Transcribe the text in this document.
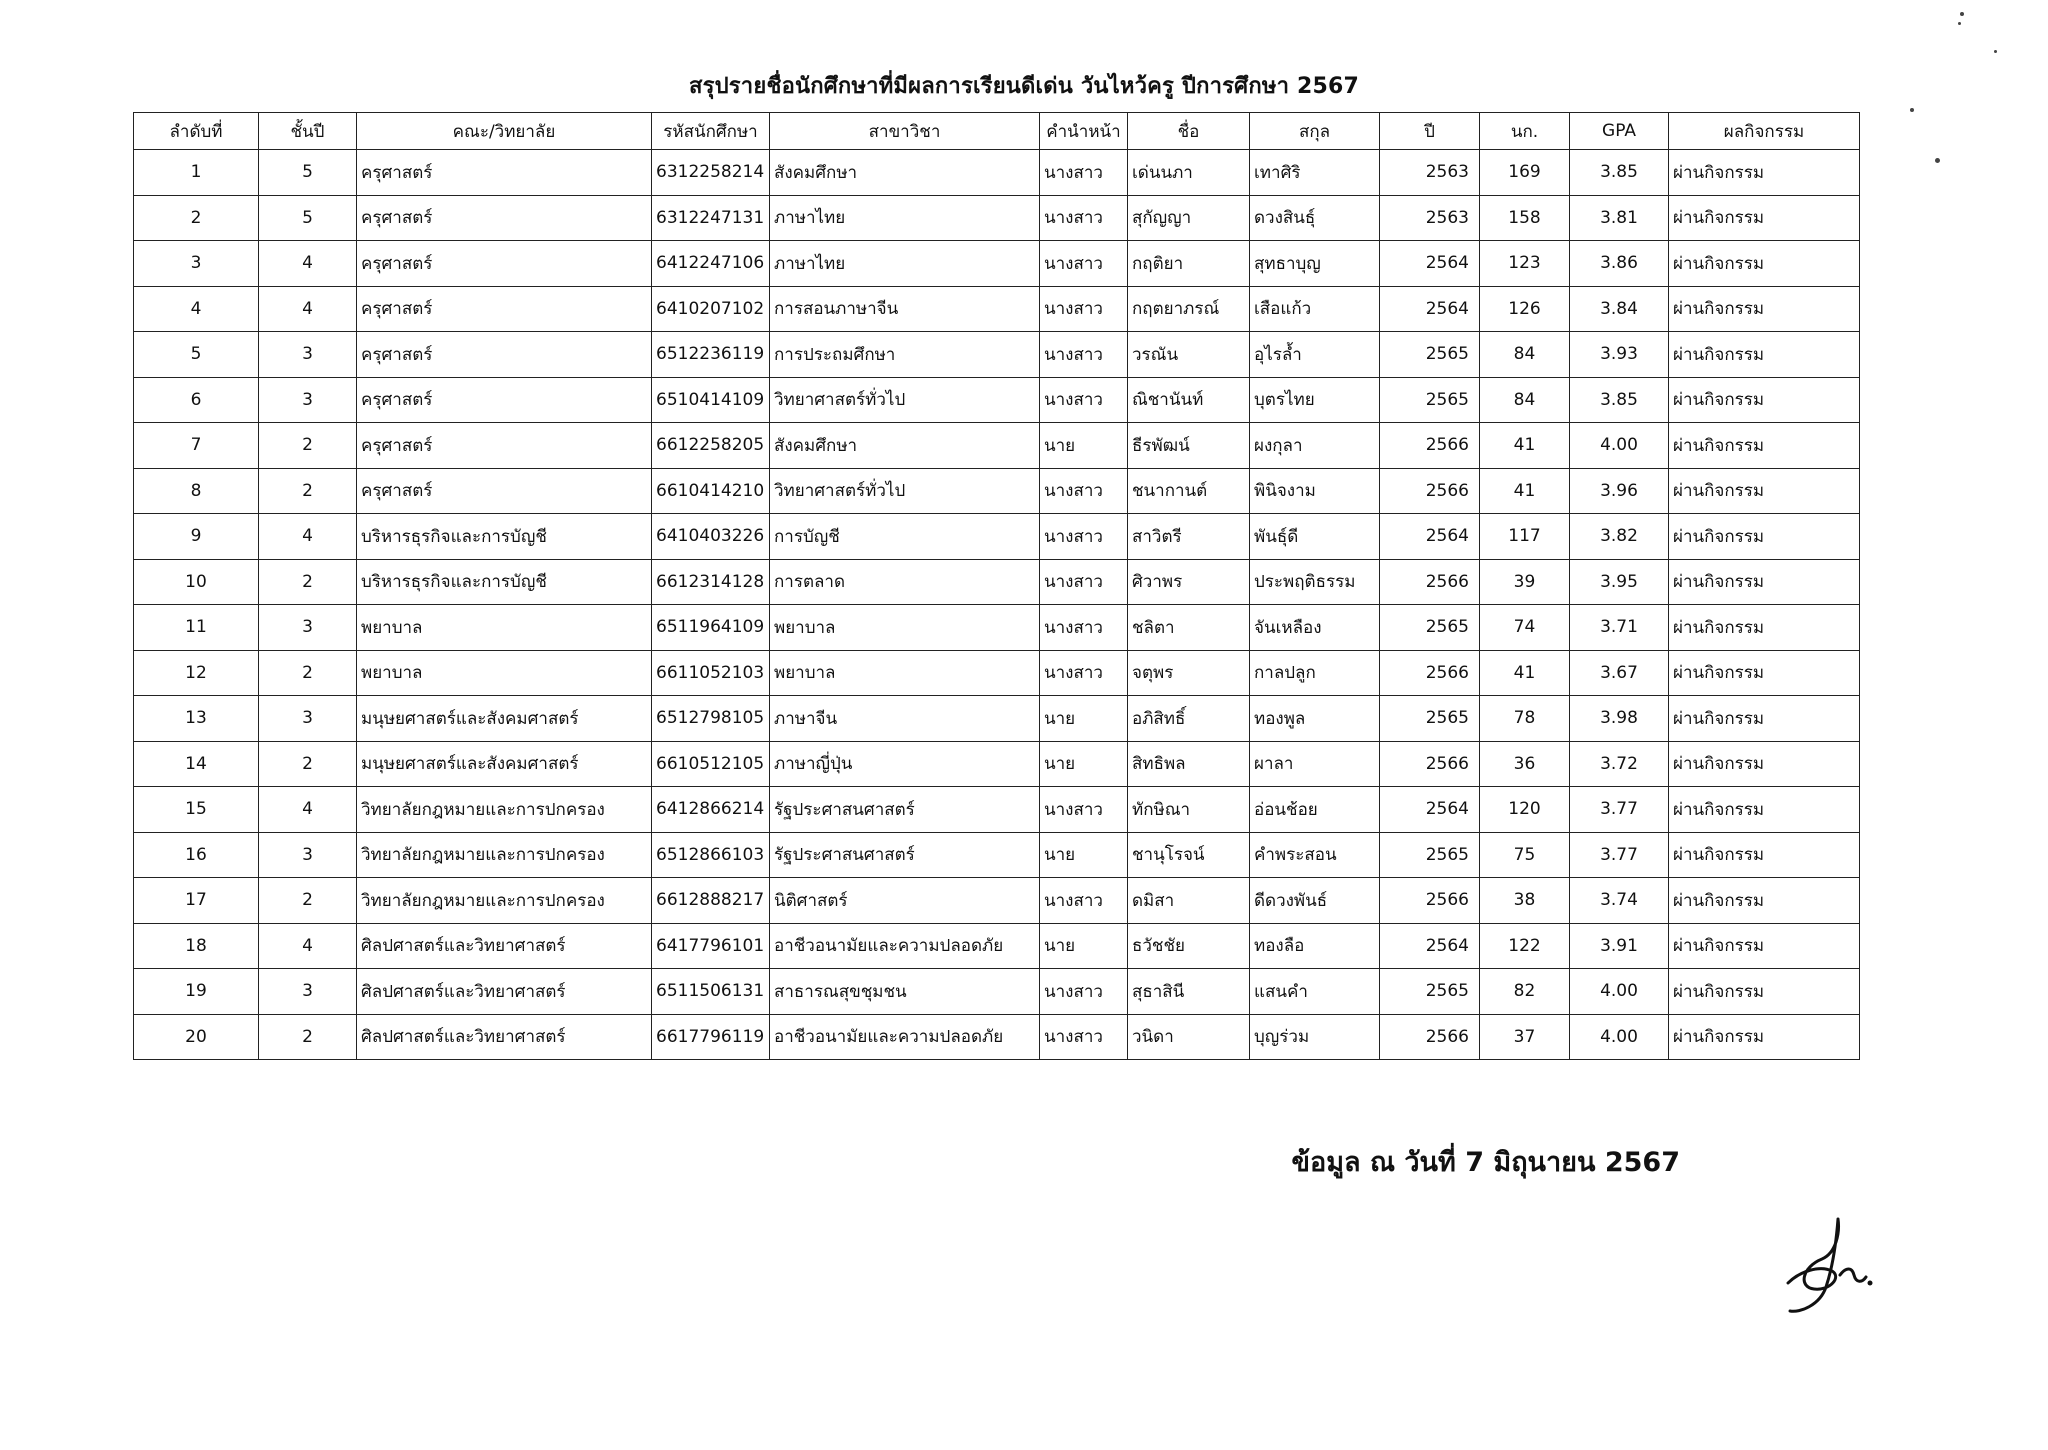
สรุปรายชื่อนักศึกษาที่มีผลการเรียนดีเด่น วันไหว้ครู ปีการศึกษา 2567
ลำดับที่	ชั้นปี	คณะ/วิทยาลัย	รหัสนักศึกษา	สาขาวิชา	คำนำหน้า	ชื่อ	สกุล	ปี	นก.	GPA	ผลกิจกรรม
1	5	ครุศาสตร์	6312258214	สังคมศึกษา	นางสาว	เด่นนภา	เทาศิริ	2563	169	3.85	ผ่านกิจกรรม
2	5	ครุศาสตร์	6312247131	ภาษาไทย	นางสาว	สุกัญญา	ดวงสินธุ์	2563	158	3.81	ผ่านกิจกรรม
3	4	ครุศาสตร์	6412247106	ภาษาไทย	นางสาว	กฤติยา	สุทธาบุญ	2564	123	3.86	ผ่านกิจกรรม
4	4	ครุศาสตร์	6410207102	การสอนภาษาจีน	นางสาว	กฤตยาภรณ์	เสือแก้ว	2564	126	3.84	ผ่านกิจกรรม
5	3	ครุศาสตร์	6512236119	การประถมศึกษา	นางสาว	วรณัน	อุไรล้ำ	2565	84	3.93	ผ่านกิจกรรม
6	3	ครุศาสตร์	6510414109	วิทยาศาสตร์ทั่วไป	นางสาว	ณิชานันท์	บุตรไทย	2565	84	3.85	ผ่านกิจกรรม
7	2	ครุศาสตร์	6612258205	สังคมศึกษา	นาย	ธีรพัฒน์	ผงกุลา	2566	41	4.00	ผ่านกิจกรรม
8	2	ครุศาสตร์	6610414210	วิทยาศาสตร์ทั่วไป	นางสาว	ชนากานต์	พินิจงาม	2566	41	3.96	ผ่านกิจกรรม
9	4	บริหารธุรกิจและการบัญชี	6410403226	การบัญชี	นางสาว	สาวิตรี	พันธุ์ดี	2564	117	3.82	ผ่านกิจกรรม
10	2	บริหารธุรกิจและการบัญชี	6612314128	การตลาด	นางสาว	ศิวาพร	ประพฤติธรรม	2566	39	3.95	ผ่านกิจกรรม
11	3	พยาบาล	6511964109	พยาบาล	นางสาว	ชลิตา	จันเหลือง	2565	74	3.71	ผ่านกิจกรรม
12	2	พยาบาล	6611052103	พยาบาล	นางสาว	จตุพร	กาลปลูก	2566	41	3.67	ผ่านกิจกรรม
13	3	มนุษยศาสตร์และสังคมศาสตร์	6512798105	ภาษาจีน	นาย	อภิสิทธิ์	ทองพูล	2565	78	3.98	ผ่านกิจกรรม
14	2	มนุษยศาสตร์และสังคมศาสตร์	6610512105	ภาษาญี่ปุ่น	นาย	สิทธิพล	ผาลา	2566	36	3.72	ผ่านกิจกรรม
15	4	วิทยาลัยกฎหมายและการปกครอง	6412866214	รัฐประศาสนศาสตร์	นางสาว	ทักษิณา	อ่อนช้อย	2564	120	3.77	ผ่านกิจกรรม
16	3	วิทยาลัยกฎหมายและการปกครอง	6512866103	รัฐประศาสนศาสตร์	นาย	ชานุโรจน์	คำพระสอน	2565	75	3.77	ผ่านกิจกรรม
17	2	วิทยาลัยกฎหมายและการปกครอง	6612888217	นิติศาสตร์	นางสาว	ดมิสา	ดีดวงพันธ์	2566	38	3.74	ผ่านกิจกรรม
18	4	ศิลปศาสตร์และวิทยาศาสตร์	6417796101	อาชีวอนามัยและความปลอดภัย	นาย	ธวัชชัย	ทองลือ	2564	122	3.91	ผ่านกิจกรรม
19	3	ศิลปศาสตร์และวิทยาศาสตร์	6511506131	สาธารณสุขชุมชน	นางสาว	สุธาสินี	แสนคำ	2565	82	4.00	ผ่านกิจกรรม
20	2	ศิลปศาสตร์และวิทยาศาสตร์	6617796119	อาชีวอนามัยและความปลอดภัย	นางสาว	วนิดา	บุญร่วม	2566	37	4.00	ผ่านกิจกรรม
ข้อมูล ณ วันที่ 7 มิถุนายน 2567
